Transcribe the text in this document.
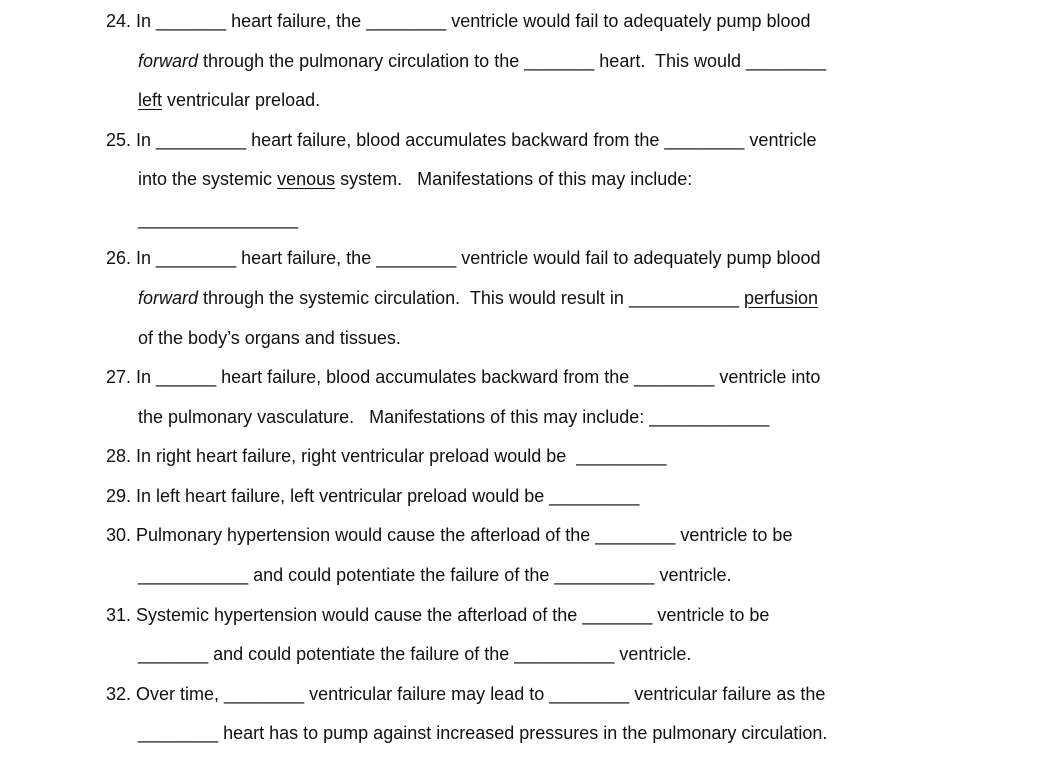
24. In _______ heart failure, the ________ ventricle would fail to adequately pump blood
forward through the pulmonary circulation to the _______ heart.  This would ________
left ventricular preload.
25. In _________ heart failure, blood accumulates backward from the ________ ventricle
into the systemic venous system.   Manifestations of this may include:
________________
26. In ________ heart failure, the ________ ventricle would fail to adequately pump blood
forward through the systemic circulation.  This would result in ___________ perfusion
of the body’s organs and tissues.
27. In ______ heart failure, blood accumulates backward from the ________ ventricle into
the pulmonary vasculature.   Manifestations of this may include: ____________
28. In right heart failure, right ventricular preload would be  _________
29. In left heart failure, left ventricular preload would be _________
30. Pulmonary hypertension would cause the afterload of the ________ ventricle to be
___________ and could potentiate the failure of the __________ ventricle.
31. Systemic hypertension would cause the afterload of the _______ ventricle to be
_______ and could potentiate the failure of the __________ ventricle.
32. Over time, ________ ventricular failure may lead to ________ ventricular failure as the
________ heart has to pump against increased pressures in the pulmonary circulation.
